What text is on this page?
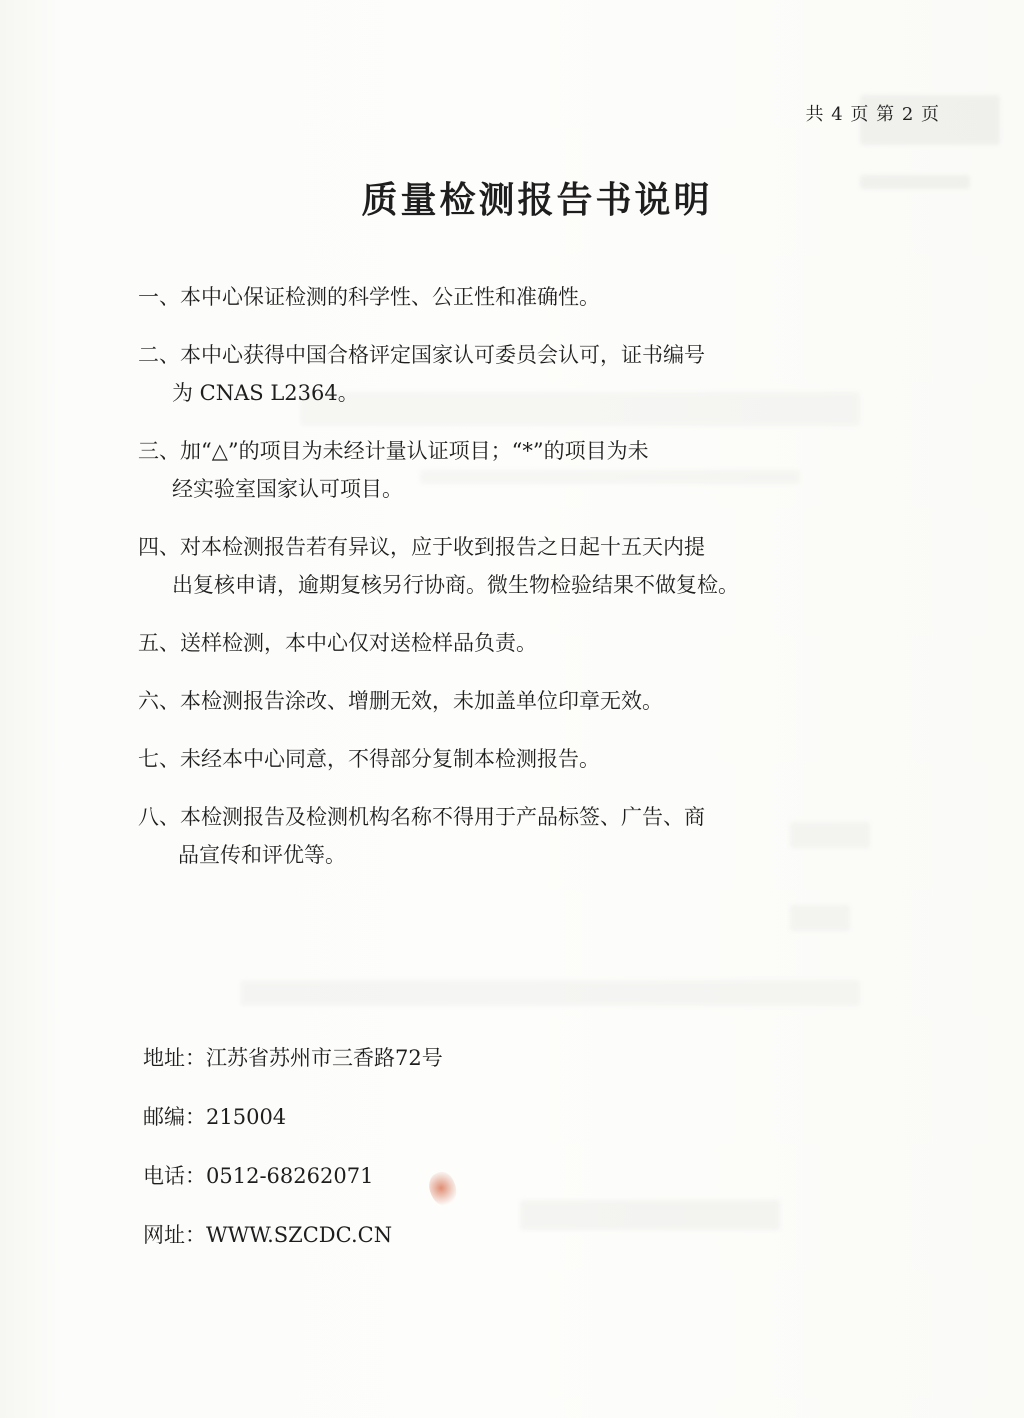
共 4 页 第 2 页
质量检测报告书说明
一、本中心保证检测的科学性、公正性和准确性。
二、本中心获得中国合格评定国家认可委员会认可，证书编号
为 CNAS L2364。
三、加“△”的项目为未经计量认证项目；“*”的项目为未
经实验室国家认可项目。
四、对本检测报告若有异议，应于收到报告之日起十五天内提
出复核申请，逾期复核另行协商。微生物检验结果不做复检。
五、送样检测，本中心仅对送检样品负责。
六、本检测报告涂改、增删无效，未加盖单位印章无效。
七、未经本中心同意，不得部分复制本检测报告。
八、本检测报告及检测机构名称不得用于产品标签、广告、商
品宣传和评优等。
地址：江苏省苏州市三香路72号
邮编：215004
电话：0512-68262071
网址：WWW.SZCDC.CN
